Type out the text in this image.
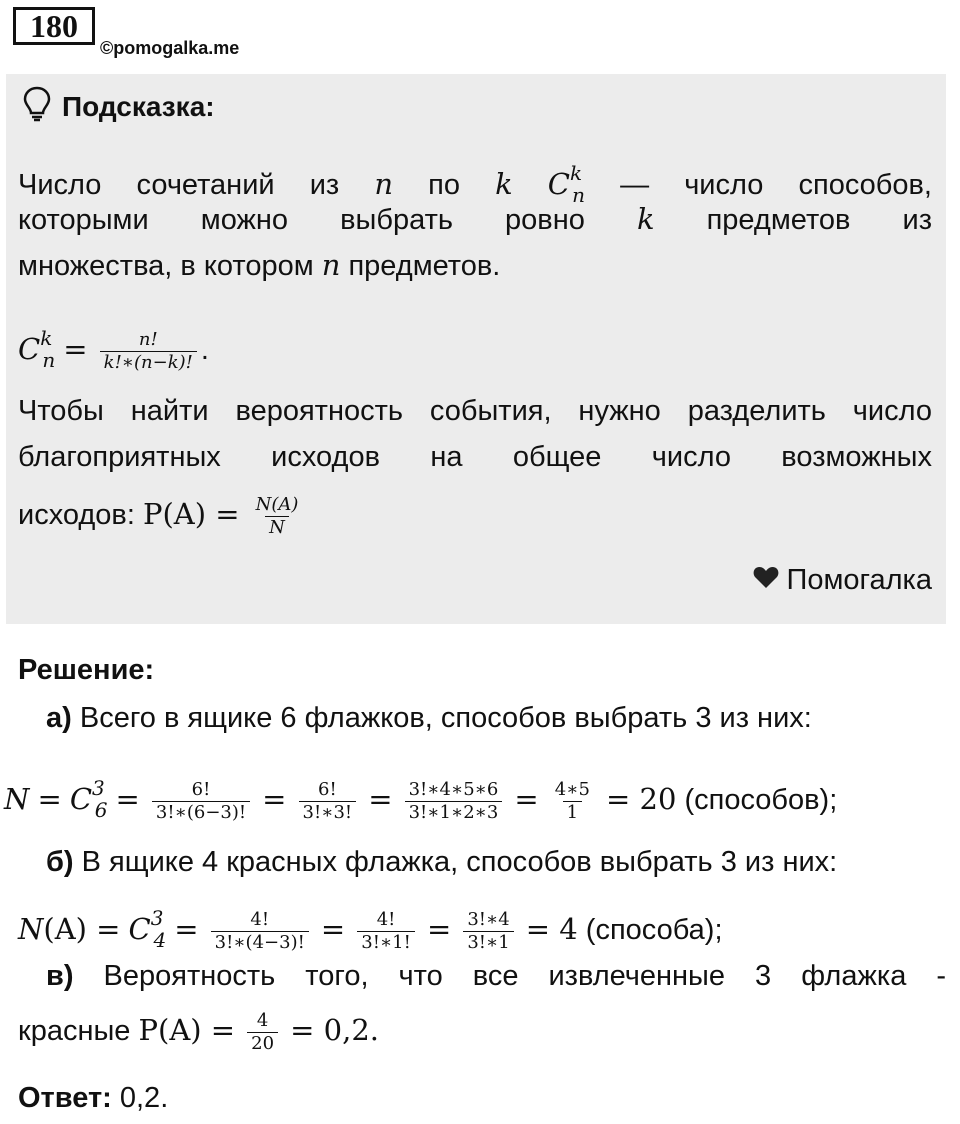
180
©pomogalka.me
Подсказка:
Число сочетаний из n по k $C^k_n$ — число способов,
которыми можно выбрать ровно k предметов из
множества, в котором n предметов.
$C^k_n = \frac{n!}{k!∗(n-k)!}$ .
Чтобы найти вероятность события, нужно разделить число
благоприятных исходов на общее число возможных
исходов: $P(A) = \frac{N(A)}{N}$
Помогалка
Решение:
а) Всего в ящике 6 флажков, способов выбрать 3 из них:
$N = C^3_6 = \frac{6!}{3!∗(6-3)!} = \frac{6!}{3!∗3!} = \frac{3!∗4∗5∗6}{3!∗1∗2∗3} = \frac{4∗5}{1} = 20$ (способов);
б) В ящике 4 красных флажка, способов выбрать 3 из них:
$N(A) = C^3_4 = \frac{4!}{3!∗(4-3)!} = \frac{4!}{3!∗1!} = \frac{3!∗4}{3!∗1} = 4$ (способа);
в) Вероятность того, что все извлеченные 3 флажка -
красные $P(A) = \frac{4}{20} = 0,2$.
Ответ: 0,2.
